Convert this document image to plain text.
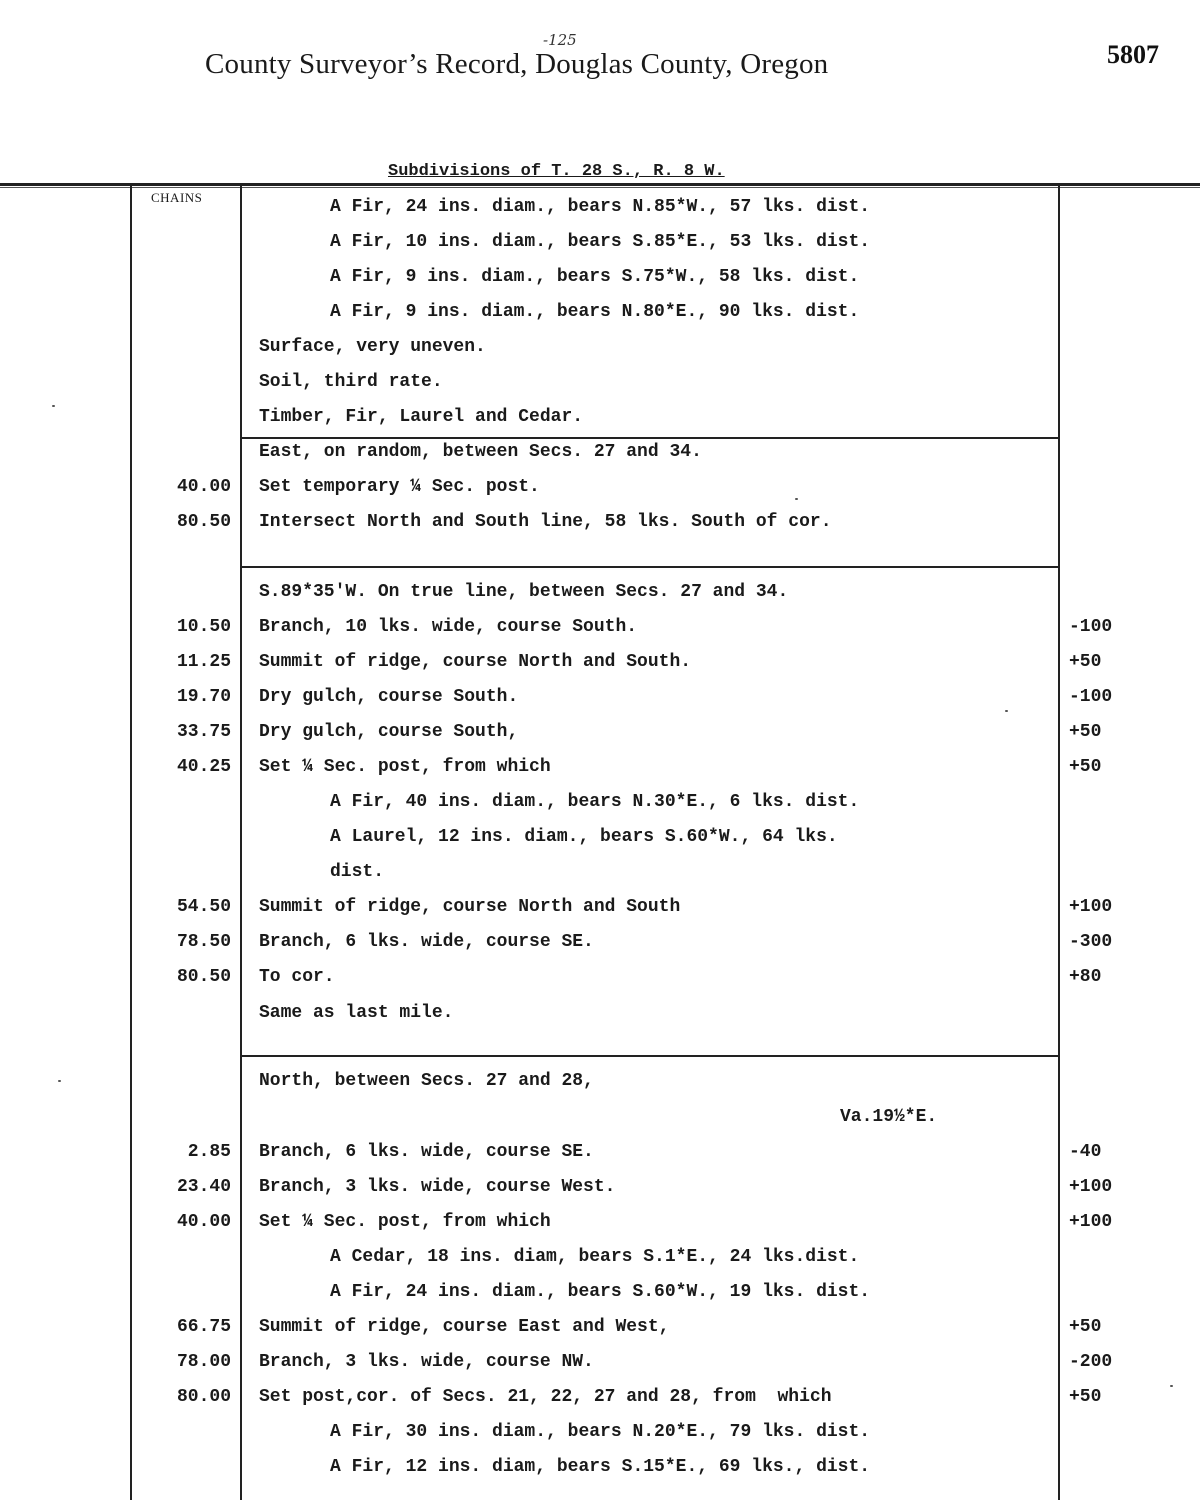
-125
County Surveyor’s Record, Douglas County, Oregon	5807
Subdivisions of T. 28 S., R. 8 W.
CHAINS	A Fir, 24 ins. diam., bears N.85*W., 57 lks. dist.
A Fir, 10 ins. diam., bears S.85*E., 53 lks. dist.
A Fir, 9 ins. diam., bears S.75*W., 58 lks. dist.
A Fir, 9 ins. diam., bears N.80*E., 90 lks. dist.
Surface, very uneven.
Soil, third rate.
Timber, Fir, Laurel and Cedar.
East, on random, between Secs. 27 and 34.
40.00 Set temporary ¼ Sec. post.
80.50 Intersect North and South line, 58 lks. South of cor.
S.89*35'W. On true line, between Secs. 27 and 34.
10.50 Branch, 10 lks. wide, course South.	-100
11.25 Summit of ridge, course North and South.	+50
19.70 Dry gulch, course South.	-100
33.75 Dry gulch, course South,	+50
40.25 Set ¼ Sec. post, from which	+50
A Fir, 40 ins. diam., bears N.30*E., 6 lks. dist.
A Laurel, 12 ins. diam., bears S.60*W., 64 lks.
dist.
54.50 Summit of ridge, course North and South	+100
78.50 Branch, 6 lks. wide, course SE.	-300
80.50 To cor.	+80
Same as last mile.
North, between Secs. 27 and 28,
Va.19½*E.
2.85 Branch, 6 lks. wide, course SE.	-40
23.40 Branch, 3 lks. wide, course West.	+100
40.00 Set ¼ Sec. post, from which	+100
A Cedar, 18 ins. diam, bears S.1*E., 24 lks.dist.
A Fir, 24 ins. diam., bears S.60*W., 19 lks. dist.
66.75 Summit of ridge, course East and West,	+50
78.00 Branch, 3 lks. wide, course NW.	-200
80.00 Set post,cor. of Secs. 21, 22, 27 and 28, from  which	+50
A Fir, 30 ins. diam., bears N.20*E., 79 lks. dist.
A Fir, 12 ins. diam, bears S.15*E., 69 lks., dist.
